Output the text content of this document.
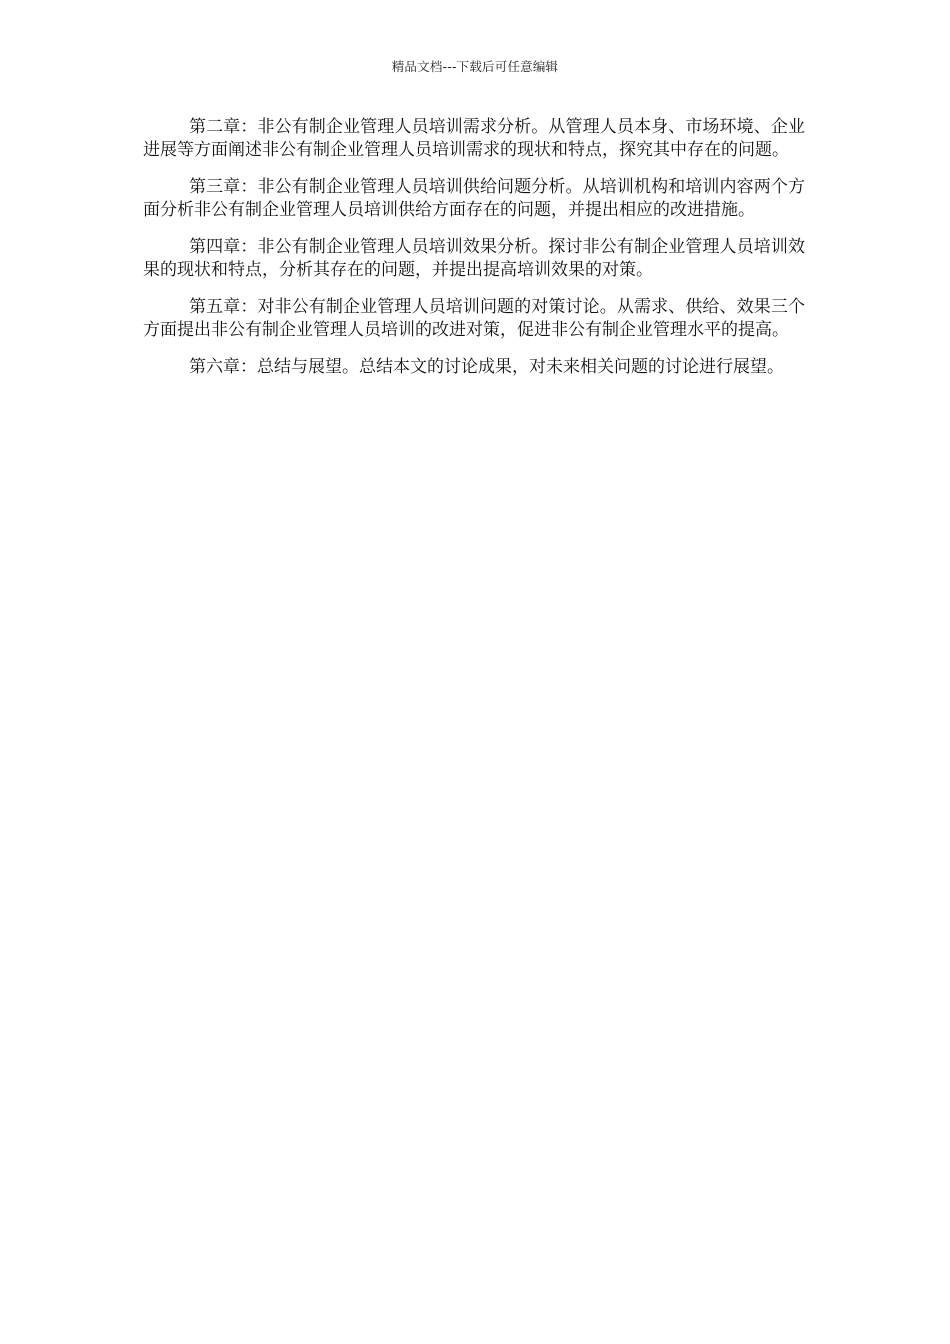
精品文档---下载后可任意编辑

第二章：非公有制企业管理人员培训需求分析。从管理人员本身、市场环境、企业进展等方面阐述非公有制企业管理人员培训需求的现状和特点，探究其中存在的问题。

第三章：非公有制企业管理人员培训供给问题分析。从培训机构和培训内容两个方面分析非公有制企业管理人员培训供给方面存在的问题，并提出相应的改进措施。

第四章：非公有制企业管理人员培训效果分析。探讨非公有制企业管理人员培训效果的现状和特点，分析其存在的问题，并提出提高培训效果的对策。

第五章：对非公有制企业管理人员培训问题的对策讨论。从需求、供给、效果三个方面提出非公有制企业管理人员培训的改进对策，促进非公有制企业管理水平的提高。

第六章：总结与展望。总结本文的讨论成果，对未来相关问题的讨论进行展望。
